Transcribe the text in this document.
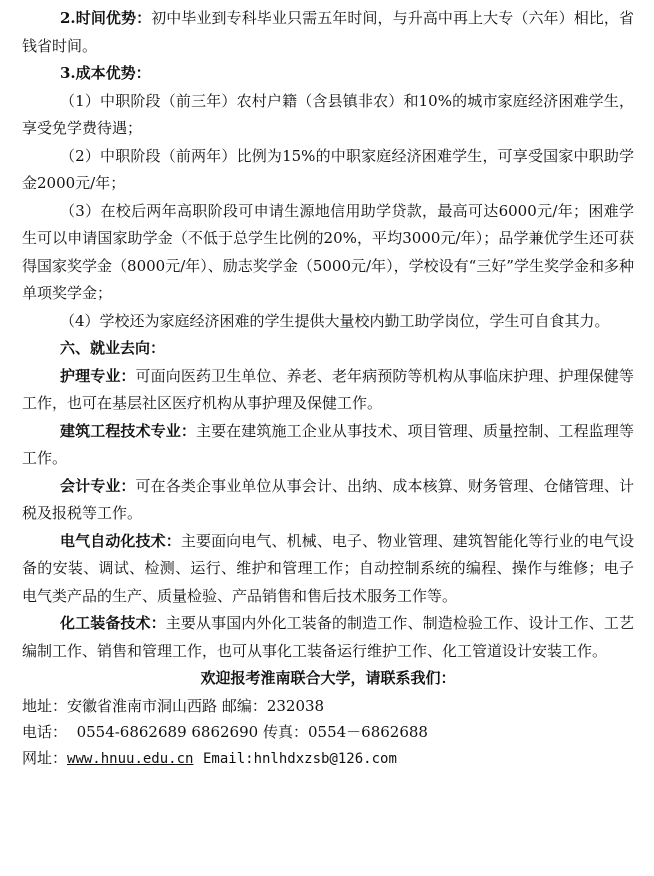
2.时间优势：初中毕业到专科毕业只需五年时间，与升高中再上大专（六年）相比，省钱省时间。

3.成本优势：

（1）中职阶段（前三年）农村户籍（含县镇非农）和10%的城市家庭经济困难学生，享受免学费待遇；

（2）中职阶段（前两年）比例为15%的中职家庭经济困难学生，可享受国家中职助学金2000元/年；

（3）在校后两年高职阶段可申请生源地信用助学贷款，最高可达6000元/年；困难学生可以申请国家助学金（不低于总学生比例的20%，平均3000元/年）；品学兼优学生还可获得国家奖学金（8000元/年）、励志奖学金（5000元/年），学校设有“三好”学生奖学金和多种单项奖学金；

（4）学校还为家庭经济困难的学生提供大量校内勤工助学岗位，学生可自食其力。

六、就业去向：

护理专业：可面向医药卫生单位、养老、老年病预防等机构从事临床护理、护理保健等工作，也可在基层社区医疗机构从事护理及保健工作。

建筑工程技术专业：主要在建筑施工企业从事技术、项目管理、质量控制、工程监理等工作。

会计专业：可在各类企事业单位从事会计、出纳、成本核算、财务管理、仓储管理、计税及报税等工作。

电气自动化技术：主要面向电气、机械、电子、物业管理、建筑智能化等行业的电气设备的安装、调试、检测、运行、维护和管理工作；自动控制系统的编程、操作与维修；电子电气类产品的生产、质量检验、产品销售和售后技术服务工作等。

化工装备技术：主要从事国内外化工装备的制造工作、制造检验工作、设计工作、工艺编制工作、销售和管理工作，也可从事化工装备运行维护工作、化工管道设计安装工作。

欢迎报考淮南联合大学，请联系我们：

地址：安徽省淮南市洞山西路 邮编：232038

电话： 0554-6862689 6862690 传真：0554－6862688

网址：www.hnuu.edu.cn Email:hnlhdxzsb@126.com
